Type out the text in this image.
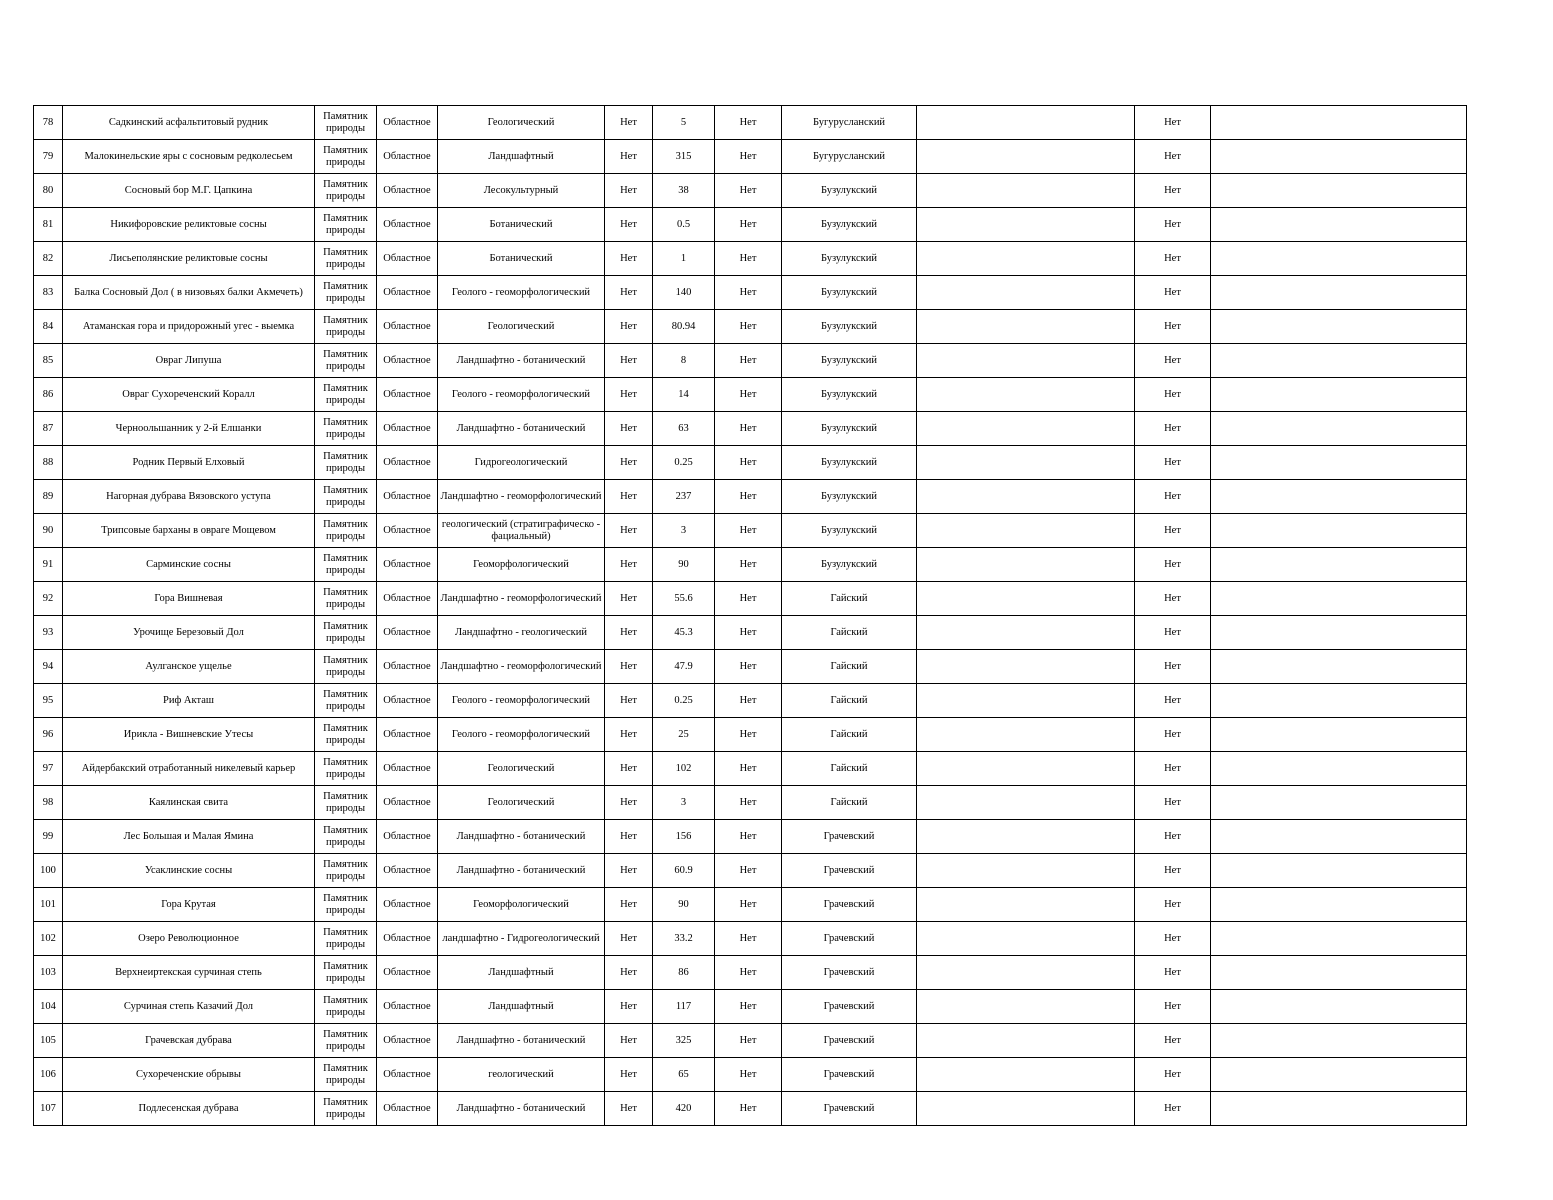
78	Садкинский асфальтитовый рудник	Памятник природы	Областное	Геологический	Нет	5	Нет	Бугурусланский		Нет	
79	Малокинельские яры с сосновым редколесьем	Памятник природы	Областное	Ландшафтный	Нет	315	Нет	Бугурусланский		Нет	
80	Сосновый бор М.Г. Цапкина	Памятник природы	Областное	Лесокультурный	Нет	38	Нет	Бузулукский		Нет	
81	Никифоровские реликтовые сосны	Памятник природы	Областное	Ботанический	Нет	0.5	Нет	Бузулукский		Нет	
82	Лисьеполянские реликтовые сосны	Памятник природы	Областное	Ботанический	Нет	1	Нет	Бузулукский		Нет	
83	Балка Сосновый Дол ( в низовьях балки Акмечеть)	Памятник природы	Областное	Геолого - геоморфологический	Нет	140	Нет	Бузулукский		Нет	
84	Атаманская гора и придорожный угес - выемка	Памятник природы	Областное	Геологический	Нет	80.94	Нет	Бузулукский		Нет	
85	Овраг Липуша	Памятник природы	Областное	Ландшафтно - ботанический	Нет	8	Нет	Бузулукский		Нет	
86	Овраг Сухореченский Коралл	Памятник природы	Областное	Геолого - геоморфологический	Нет	14	Нет	Бузулукский		Нет	
87	Черноольшанник у 2-й Елшанки	Памятник природы	Областное	Ландшафтно - ботанический	Нет	63	Нет	Бузулукский		Нет	
88	Родник Первый Елховый	Памятник природы	Областное	Гидрогеологический	Нет	0.25	Нет	Бузулукский		Нет	
89	Нагорная дубрава Вязовского уступа	Памятник природы	Областное	Ландшафтно - геоморфологический	Нет	237	Нет	Бузулукский		Нет	
90	Трипсовые барханы в овраге Мощевом	Памятник природы	Областное	геологический (стратиграфическо - фациальный)	Нет	3	Нет	Бузулукский		Нет	
91	Сарминские сосны	Памятник природы	Областное	Геоморфологический	Нет	90	Нет	Бузулукский		Нет	
92	Гора Вишневая	Памятник природы	Областное	Ландшафтно - геоморфологический	Нет	55.6	Нет	Гайский		Нет	
93	Урочище Березовый Дол	Памятник природы	Областное	Ландшафтно - геологический	Нет	45.3	Нет	Гайский		Нет	
94	Аулганское ущелье	Памятник природы	Областное	Ландшафтно - геоморфологический	Нет	47.9	Нет	Гайский		Нет	
95	Риф Акташ	Памятник природы	Областное	Геолого - геоморфологический	Нет	0.25	Нет	Гайский		Нет	
96	Ирикла - Вишневские Утесы	Памятник природы	Областное	Геолого - геоморфологический	Нет	25	Нет	Гайский		Нет	
97	Айдербакский отработанный никелевый карьер	Памятник природы	Областное	Геологический	Нет	102	Нет	Гайский		Нет	
98	Каялинская свита	Памятник природы	Областное	Геологический	Нет	3	Нет	Гайский		Нет	
99	Лес Большая и Малая Ямина	Памятник природы	Областное	Ландшафтно - ботанический	Нет	156	Нет	Грачевский		Нет	
100	Усаклинские сосны	Памятник природы	Областное	Ландшафтно - ботанический	Нет	60.9	Нет	Грачевский		Нет	
101	Гора Крутая	Памятник природы	Областное	Геоморфологический	Нет	90	Нет	Грачевский		Нет	
102	Озеро Революционное	Памятник природы	Областное	ландшафтно - Гидрогеологический	Нет	33.2	Нет	Грачевский		Нет	
103	Верхнеиртекская сурчиная степь	Памятник природы	Областное	Ландшафтный	Нет	86	Нет	Грачевский		Нет	
104	Сурчиная степь Казачий Дол	Памятник природы	Областное	Ландшафтный	Нет	117	Нет	Грачевский		Нет	
105	Грачевская дубрава	Памятник природы	Областное	Ландшафтно - ботанический	Нет	325	Нет	Грачевский		Нет	
106	Сухореченские обрывы	Памятник природы	Областное	геологический	Нет	65	Нет	Грачевский		Нет	
107	Подлесенская дубрава	Памятник природы	Областное	Ландшафтно - ботанический	Нет	420	Нет	Грачевский		Нет	
